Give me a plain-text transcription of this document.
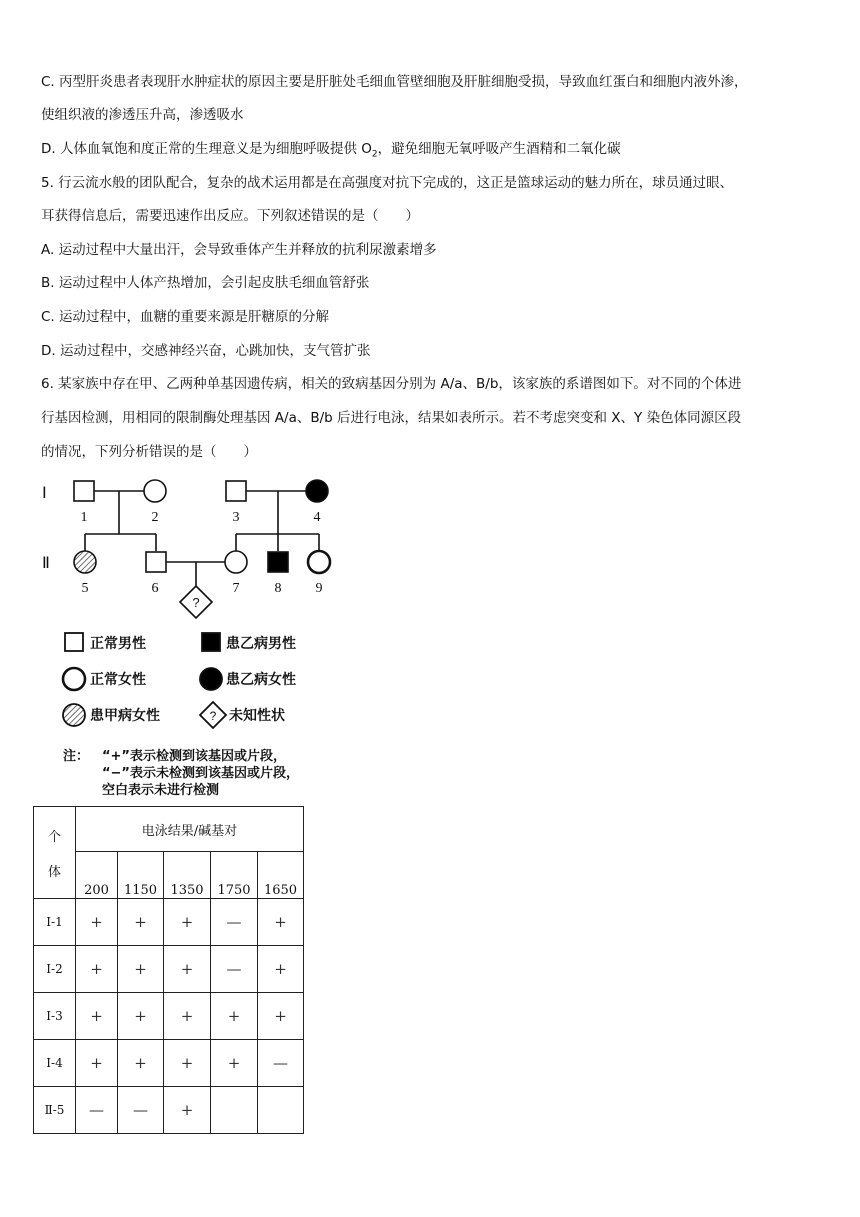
C. 丙型肝炎患者表现肝水肿症状的原因主要是肝脏处毛细血管壁细胞及肝脏细胞受损，导致血红蛋白和细胞内液外渗，
使组织液的渗透压升高，渗透吸水
D. 人体血氧饱和度正常的生理意义是为细胞呼吸提供 $O_2$，避免细胞无氧呼吸产生酒精和二氧化碳
5. 行云流水般的团队配合，复杂的战术运用都是在高强度对抗下完成的，这正是篮球运动的魅力所在，球员通过眼、
耳获得信息后，需要迅速作出反应。下列叙述错误的是（　　）
A. 运动过程中大量出汗，会导致垂体产生并释放的抗利尿激素增多
B. 运动过程中人体产热增加，会引起皮肤毛细血管舒张
C. 运动过程中，血糖的重要来源是肝糖原的分解
D. 运动过程中，交感神经兴奋，心跳加快，支气管扩张
6. 某家族中存在甲、乙两种单基因遗传病，相关的致病基因分别为 A/a、B/b，该家族的系谱图如下。对不同的个体进
行基因检测，用相同的限制酶处理基因 A/a、B/b 后进行电泳，结果如表所示。若不考虑突变和 X、Y 染色体同源区段
的情况，下列分析错误的是（　　）
Ⅰ
Ⅱ
?
1	2	3	4
5	6	7	8 9
?
正常男性	患乙病男性
正常女性	患乙病女性
患甲病女性	未知性状
注： “+”表示检测到该基因或片段，
“−”表示未检测到该基因或片段，
空白表示未进行检测
个
体	电泳结果/碱基对				
	200	1150	1350	1750	1650
Ⅰ-1	+	+	+	—	+
Ⅰ-2	+	+	+	—	+
Ⅰ-3	+	+	+	+	+
Ⅰ-4	+	+	+	+	—
Ⅱ-5	—	—	+		
